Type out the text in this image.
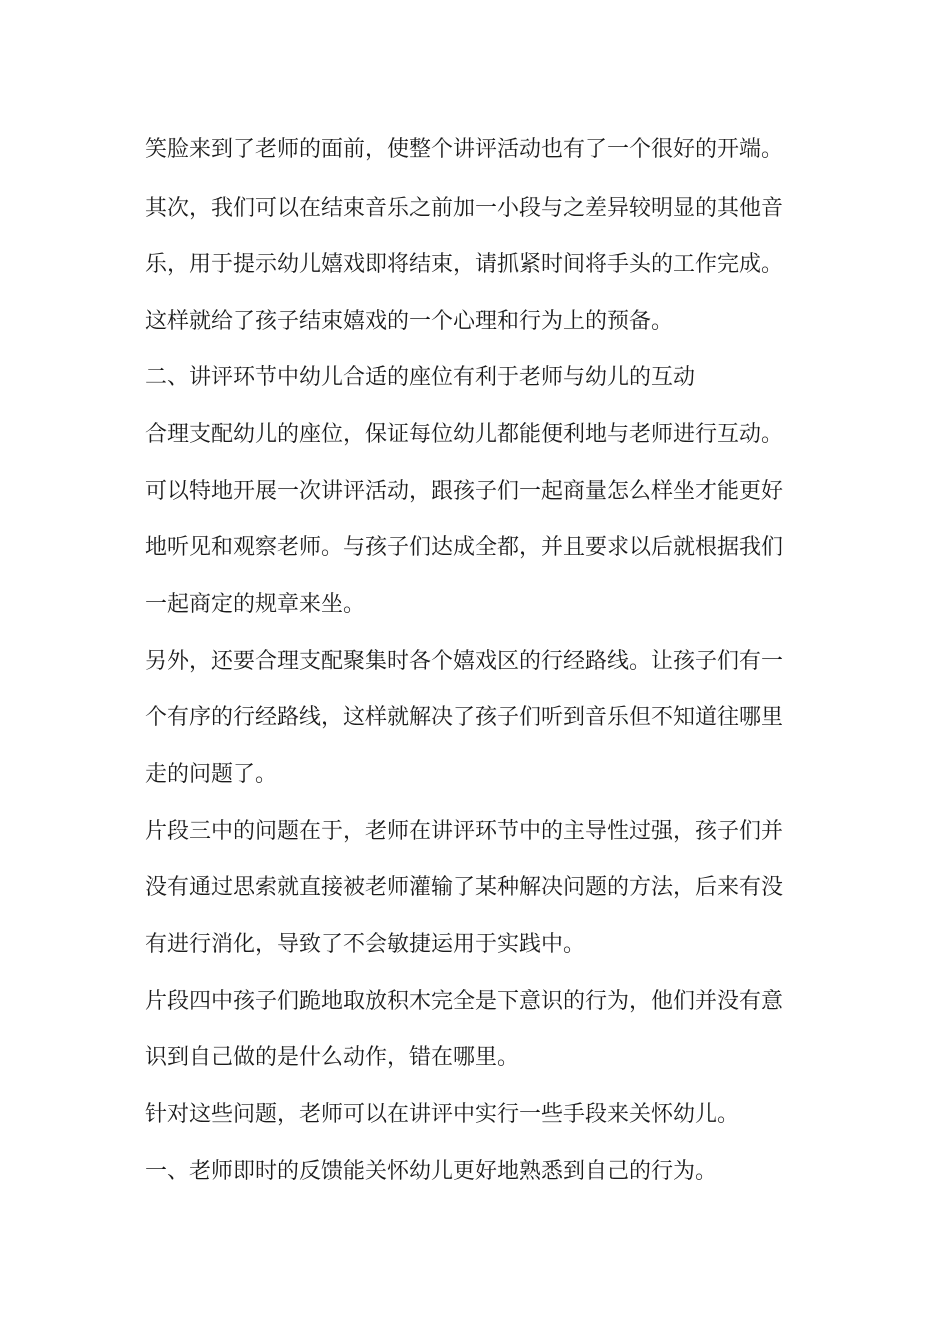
笑脸来到了老师的面前，使整个讲评活动也有了一个很好的开端。
其次，我们可以在结束音乐之前加一小段与之差异较明显的其他音
乐，用于提示幼儿嬉戏即将结束，请抓紧时间将手头的工作完成。
这样就给了孩子结束嬉戏的一个心理和行为上的预备。
二、讲评环节中幼儿合适的座位有利于老师与幼儿的互动
合理支配幼儿的座位，保证每位幼儿都能便利地与老师进行互动。
可以特地开展一次讲评活动，跟孩子们一起商量怎么样坐才能更好
地听见和观察老师。与孩子们达成全都，并且要求以后就根据我们
一起商定的规章来坐。
另外，还要合理支配聚集时各个嬉戏区的行经路线。让孩子们有一
个有序的行经路线，这样就解决了孩子们听到音乐但不知道往哪里
走的问题了。
片段三中的问题在于，老师在讲评环节中的主导性过强，孩子们并
没有通过思索就直接被老师灌输了某种解决问题的方法，后来有没
有进行消化，导致了不会敏捷运用于实践中。
片段四中孩子们跪地取放积木完全是下意识的行为，他们并没有意
识到自己做的是什么动作，错在哪里。
针对这些问题，老师可以在讲评中实行一些手段来关怀幼儿。
一、老师即时的反馈能关怀幼儿更好地熟悉到自己的行为。
